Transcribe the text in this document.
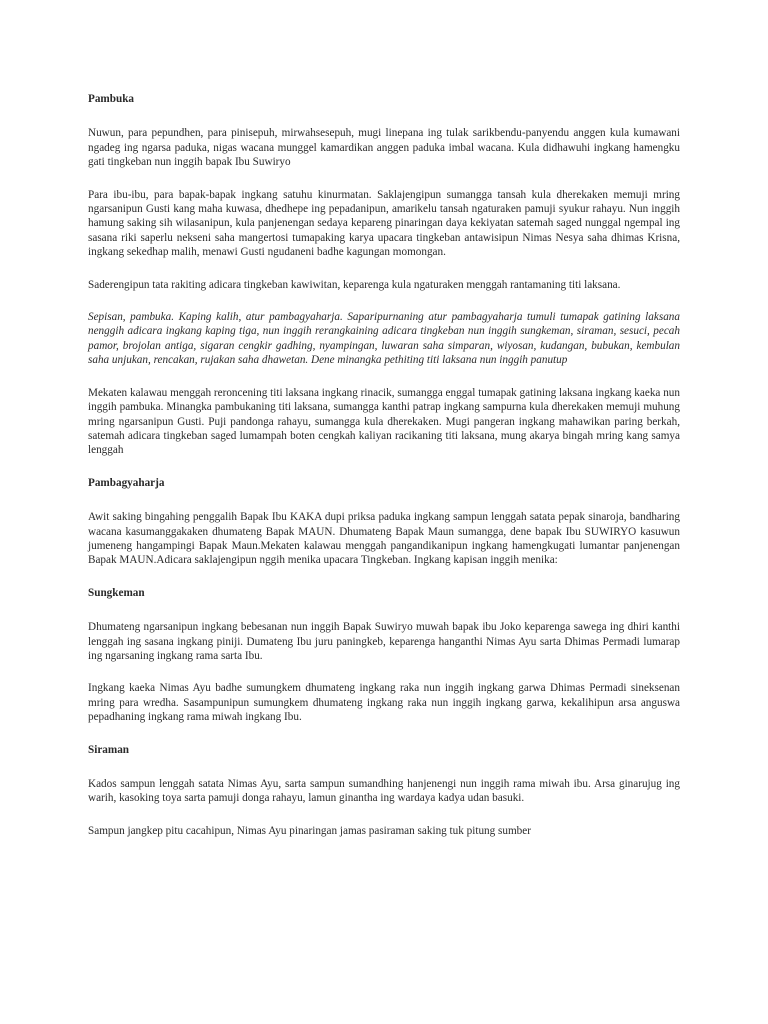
Pambuka

Nuwun, para pepundhen, para pinisepuh, mirwahsesepuh, mugi linepana ing tulak sarikbendu-panyendu anggen kula kumawani ngadeg ing ngarsa paduka, nigas wacana munggel kamardikan anggen paduka imbal wacana. Kula didhawuhi ingkang hamengku gati tingkeban nun inggih bapak Ibu Suwiryo

Para ibu-ibu, para bapak-bapak ingkang satuhu kinurmatan. Saklajengipun sumangga tansah kula dherekaken memuji mring ngarsanipun Gusti kang maha kuwasa, dhedhepe ing pepadanipun, amarikelu tansah ngaturaken pamuji syukur rahayu. Nun inggih hamung saking sih wilasanipun, kula panjenengan sedaya kepareng pinaringan daya kekiyatan satemah saged nunggal ngempal ing sasana riki saperlu nekseni saha mangertosi tumapaking karya upacara tingkeban antawisipun Nimas Nesya saha dhimas Krisna, ingkang sekedhap malih, menawi Gusti ngudaneni badhe kagungan momongan.

Saderengipun tata rakiting adicara tingkeban kawiwitan, keparenga kula ngaturaken menggah rantamaning titi laksana.

Sepisan, pambuka. Kaping kalih, atur pambagyaharja. Saparipurnaning atur pambagyaharja tumuli tumapak gatining laksana nenggih adicara ingkang kaping tiga, nun inggih rerangkaining adicara tingkeban nun inggih sungkeman, siraman, sesuci, pecah pamor, brojolan antiga, sigaran cengkir gadhing, nyampingan, luwaran saha simparan, wiyosan, kudangan, bubukan, kembulan saha unjukan, rencakan, rujakan saha dhawetan. Dene minangka pethiting titi laksana nun inggih panutup

Mekaten kalawau menggah reroncening titi laksana ingkang rinacik, sumangga enggal tumapak gatining laksana ingkang kaeka nun inggih pambuka. Minangka pambukaning titi laksana, sumangga kanthi patrap ingkang sampurna kula dherekaken memuji muhung mring ngarsanipun Gusti. Puji pandonga rahayu, sumangga kula dherekaken. Mugi pangeran ingkang mahawikan paring berkah, satemah adicara tingkeban saged lumampah boten cengkah kaliyan racikaning titi laksana, mung akarya bingah mring kang samya lenggah

Pambagyaharja

Awit saking bingahing penggalih Bapak Ibu KAKA dupi priksa paduka ingkang sampun lenggah satata pepak sinaroja, bandharing wacana kasumanggakaken dhumateng Bapak MAUN. Dhumateng Bapak Maun sumangga, dene bapak Ibu SUWIRYO kasuwun jumeneng hangampingi Bapak Maun.Mekaten kalawau menggah pangandikanipun ingkang hamengkugati lumantar panjenengan Bapak MAUN.Adicara saklajengipun nggih menika upacara Tingkeban. Ingkang kapisan inggih menika:

Sungkeman

Dhumateng ngarsanipun ingkang bebesanan nun inggih Bapak Suwiryo muwah bapak ibu Joko keparenga sawega ing dhiri kanthi lenggah ing sasana ingkang piniji. Dumateng Ibu juru paningkeb, keparenga hanganthi Nimas Ayu sarta Dhimas Permadi lumarap ing ngarsaning ingkang rama sarta Ibu.

Ingkang kaeka Nimas Ayu badhe sumungkem dhumateng ingkang raka nun inggih ingkang garwa Dhimas Permadi sineksenan mring para wredha. Sasampunipun sumungkem dhumateng ingkang raka nun inggih ingkang garwa, kekalihipun arsa anguswa pepadhaning ingkang rama miwah ingkang Ibu.

Siraman

Kados sampun lenggah satata Nimas Ayu, sarta sampun sumandhing hanjenengi nun inggih rama miwah ibu. Arsa ginarujug ing warih, kasoking toya sarta pamuji donga rahayu, lamun ginantha ing wardaya kadya udan basuki.

Sampun jangkep pitu cacahipun, Nimas Ayu pinaringan jamas pasiraman saking tuk pitung sumber
